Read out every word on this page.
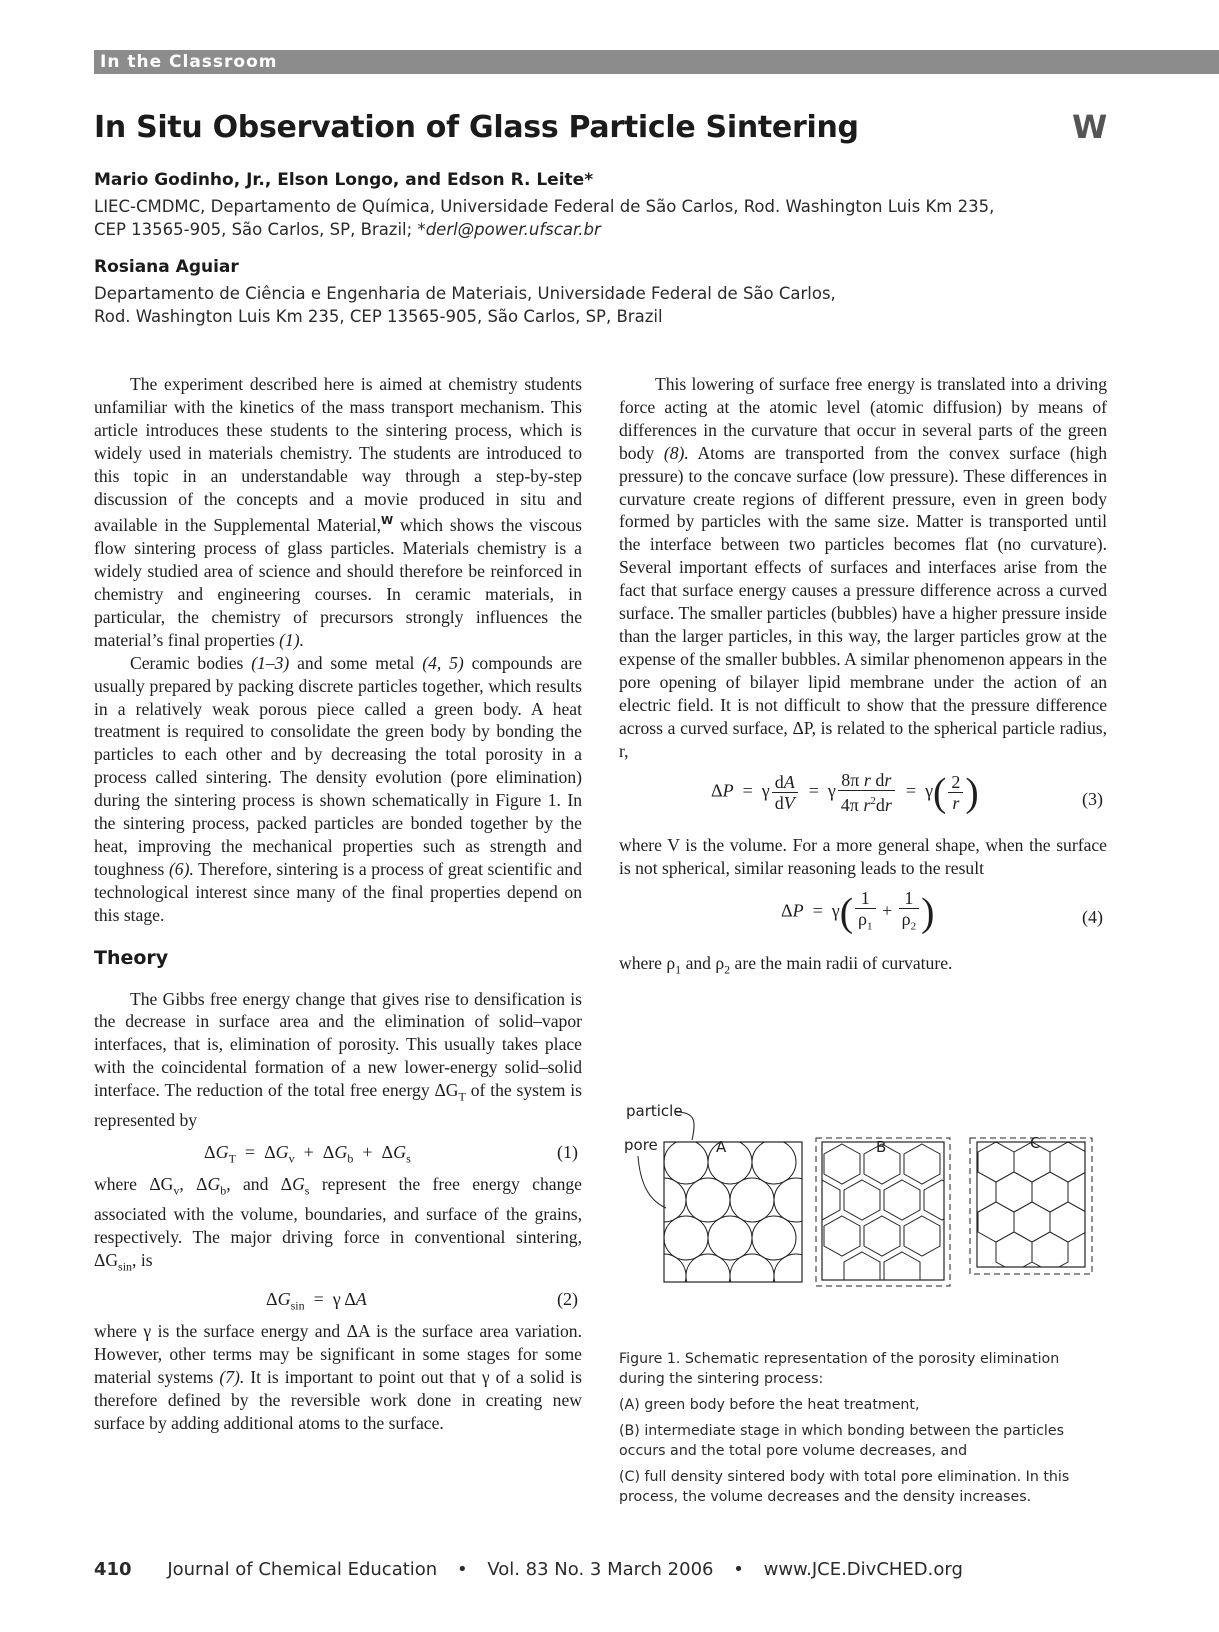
In the Classroom
In Situ Observation of Glass Particle Sintering	W
Mario Godinho, Jr., Elson Longo, and Edson R. Leite*
LIEC-CMDMC, Departamento de Química, Universidade Federal de São Carlos, Rod. Washington Luis Km 235,
CEP 13565-905, São Carlos, SP, Brazil; *derl@power.ufscar.br
Rosiana Aguiar
Departamento de Ciência e Engenharia de Materiais, Universidade Federal de São Carlos,
Rod. Washington Luis Km 235, CEP 13565-905, São Carlos, SP, Brazil

The experiment described here is aimed at chemistry students unfamiliar with the kinetics of the mass transport mechanism. This article introduces these students to the sintering process, which is widely used in materials chemistry. The students are introduced to this topic in an understandable way through a step-by-step discussion of the concepts and a movie produced in situ and available in the Supplemental Material,$^W$ which shows the viscous flow sintering process of glass particles. Materials chemistry is a widely studied area of science and should therefore be reinforced in chemistry and engineering courses. In ceramic materials, in particular, the chemistry of precursors strongly influences the material’s final properties (1).

Ceramic bodies (1–3) and some metal (4, 5) compounds are usually prepared by packing discrete particles together, which results in a relatively weak porous piece called a green body. A heat treatment is required to consolidate the green body by bonding the particles to each other and by decreasing the total porosity in a process called sintering. The density evolution (pore elimination) during the sintering process is shown schematically in Figure 1. In the sintering process, packed particles are bonded together by the heat, improving the mechanical properties such as strength and toughness (6). Therefore, sintering is a process of great scientific and technological interest since many of the final properties depend on this stage.

Theory

The Gibbs free energy change that gives rise to densification is the decrease in surface area and the elimination of solid–vapor interfaces, that is, elimination of porosity. This usually takes place with the coincidental formation of a new lower-energy solid–solid interface. The reduction of the total free energy $\Delta G_T$ of the system is represented by

$\Delta G_T = \Delta G_v + \Delta G_b + \Delta G_s$	(1)

where $\Delta G_v$, $\Delta G_b$, and $\Delta G_s$ represent the free energy change associated with the volume, boundaries, and surface of the grains, respectively. The major driving force in conventional sintering, $\Delta G_{sin}$, is

$\Delta G_{sin} = \gamma$ ΔA	(2)

where γ is the surface energy and ΔA is the surface area variation. However, other terms may be significant in some stages for some material systems (7). It is important to point out that γ of a solid is therefore defined by the reversible work done in creating new surface by adding additional atoms to the surface.

This lowering of surface free energy is translated into a driving force acting at the atomic level (atomic diffusion) by means of differences in the curvature that occur in several parts of the green body (8). Atoms are transported from the convex surface (high pressure) to the concave surface (low pressure). These differences in curvature create regions of different pressure, even in green body formed by particles with the same size. Matter is transported until the interface between two particles becomes flat (no curvature). Several important effects of surfaces and interfaces arise from the fact that surface energy causes a pressure difference across a curved surface. The smaller particles (bubbles) have a higher pressure inside than the larger particles, in this way, the larger particles grow at the expense of the smaller bubbles. A similar phenomenon appears in the pore opening of bilayer lipid membrane under the action of an electric field. It is not difficult to show that the pressure difference across a curved surface, ΔP, is related to the spherical particle radius, r,

ΔP  =  γ $\frac{dA}{dV} = \gamma \frac{\text{8π r dr}}{4\pi r^2dr} = \gamma( \frac{2}{r}$ )	(3)

where V is the volume. For a more general shape, when the surface is not spherical, similar reasoning leads to the result

$\Delta P = \gamma( \frac{1}{\rho_1} + \frac{1}{\rho_2}$ )	(4)

where $\rho_1$ and $\rho_2$ are the main radii of curvature.

particle
pore	A	B	C

Figure 1. Schematic representation of the porosity elimination during the sintering process:

(A) green body before the heat treatment,

(B) intermediate stage in which bonding between the particles occurs and the total pore volume decreases, and

(C) full density sintered body with total pore elimination. In this process, the volume decreases and the density increases.

410 Journal of Chemical Education • Vol. 83 No. 3 March 2006 • www.JCE.DivCHED.org
